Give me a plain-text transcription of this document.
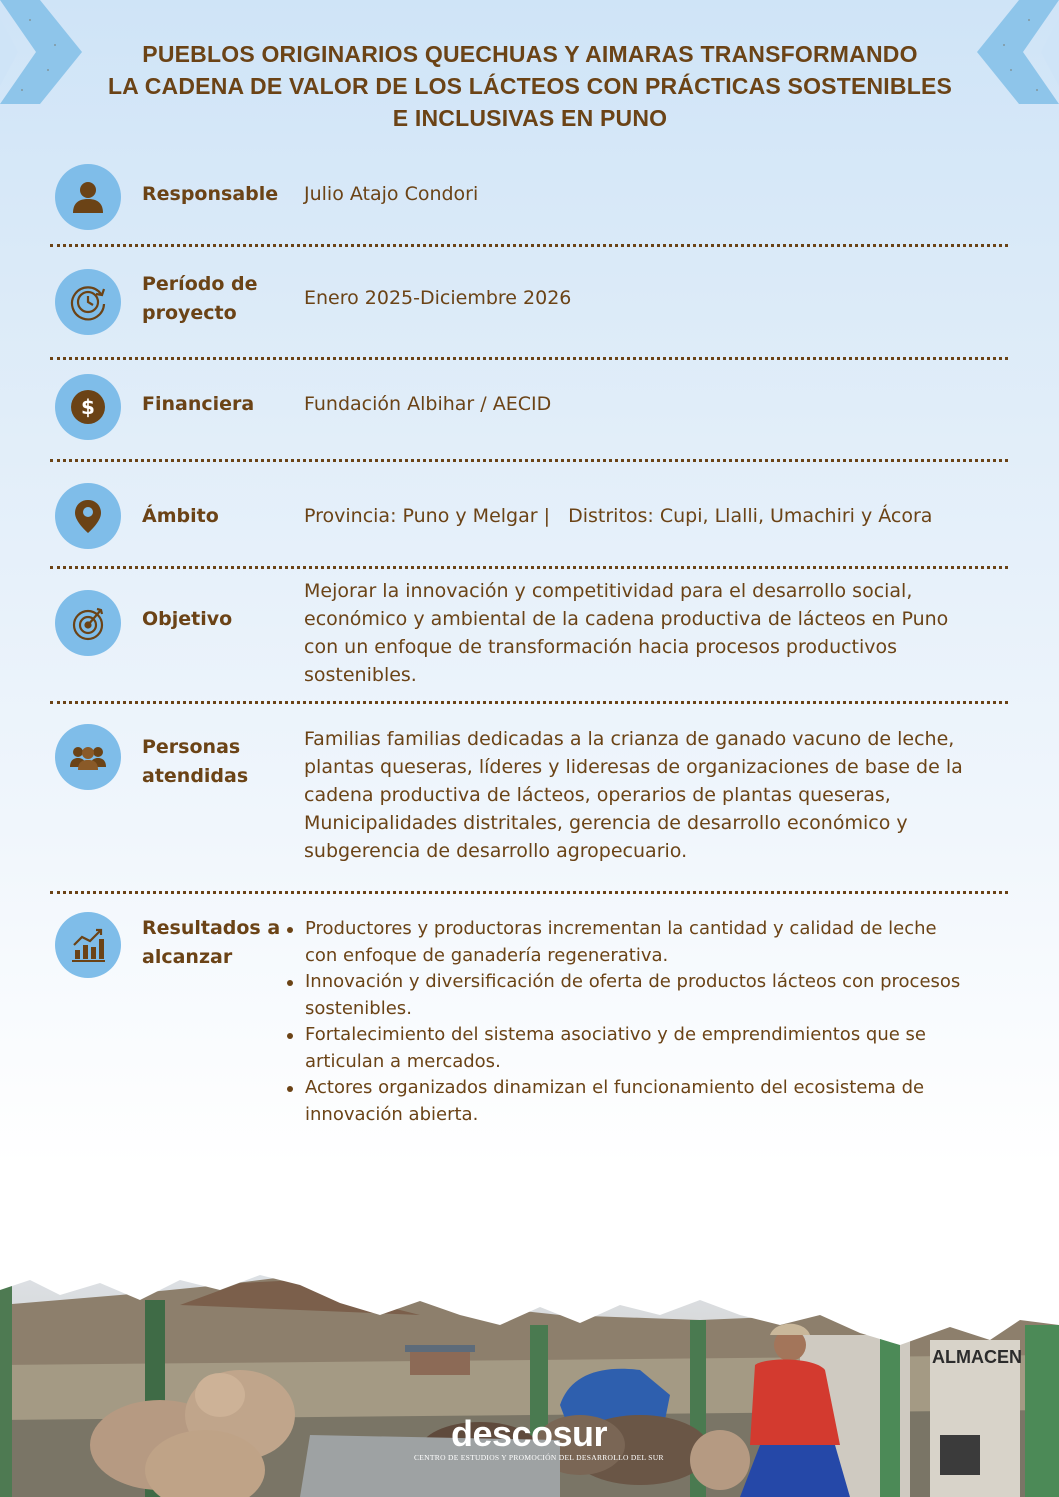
PUEBLOS ORIGINARIOS QUECHUAS Y AIMARAS TRANSFORMANDO
LA CADENA DE VALOR DE LOS LÁCTEOS CON PRÁCTICAS SOSTENIBLES
E INCLUSIVAS EN PUNO
Responsable Julio Atajo Condori
Período de
proyecto
Enero 2025-Diciembre 2026
$ Financiera	Fundación Albihar / AECID
Ámbito	Provincia: Puno y Melgar |   Distritos: Cupi, Llalli, Umachiri y Ácora
Objetivo
Mejorar la innovación y competitividad para el desarrollo social,
económico y ambiental de la cadena productiva de lácteos en Puno
con un enfoque de transformación hacia procesos productivos
sostenibles.
Personas
atendidas
Familias familias dedicadas a la crianza de ganado vacuno de leche,
plantas queseras, líderes y lideresas de organizaciones de base de la
cadena productiva de lácteos, operarios de plantas queseras,
Municipalidades distritales, gerencia de desarrollo económico y
subgerencia de desarrollo agropecuario.
Resultados a
alcanzar
Productores y productoras incrementan la cantidad y calidad de leche
con enfoque de ganadería regenerativa.
Innovación y diversificación de oferta de productos lácteos con procesos
sostenibles.
Fortalecimiento del sistema asociativo y de emprendimientos que se
articulan a mercados.
Actores organizados dinamizan el funcionamiento del ecosistema de
innovación abierta.
ALMACEN
descosur
CENTRO DE ESTUDIOS Y PROMOCIÓN DEL DESARROLLO DEL SUR
